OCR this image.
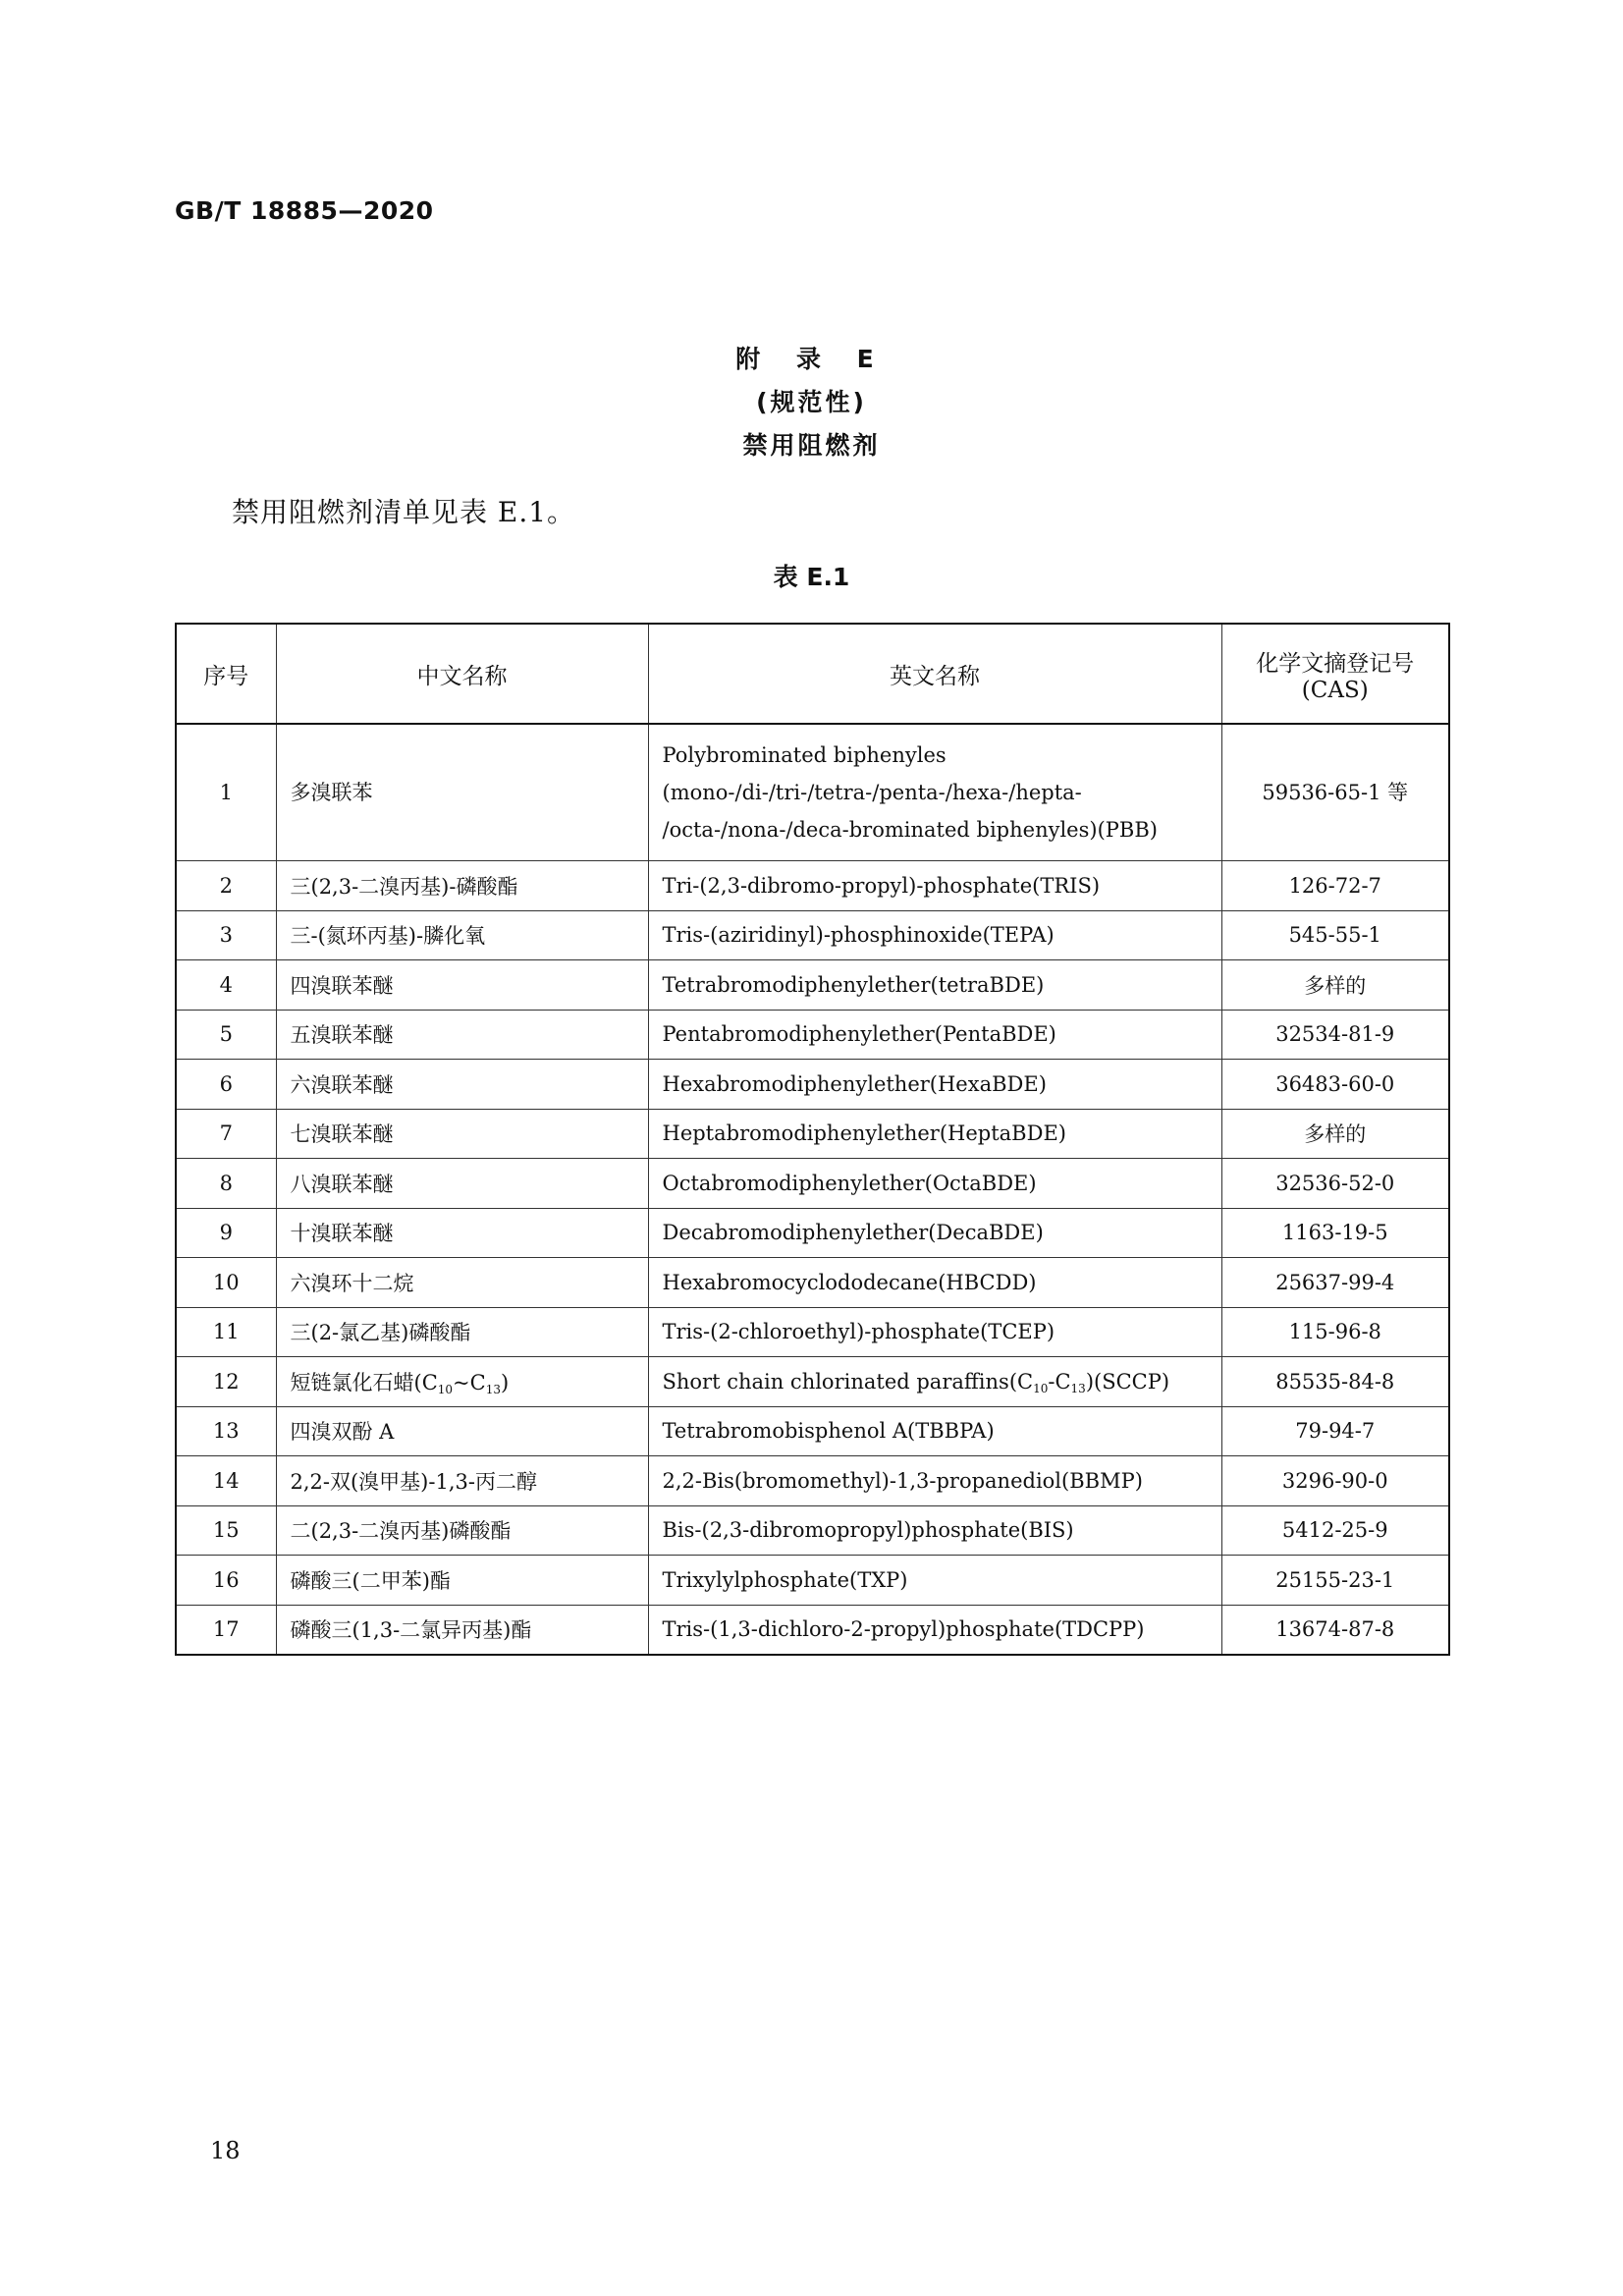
GB/T 18885—2020
附 录 E
(规范性)
禁用阻燃剂
禁用阻燃剂清单见表 E.1。
表 E.1
序号	中文名称	英文名称	化学文摘登记号
(CAS)

1	多溴联苯	Polybrominated biphenyles
(mono-/di-/tri-/tetra-/penta-/hexa-/hepta-
/octa-/nona-/deca-brominated biphenyles)(PBB)	59536-65-1 等
2	三(2,3-二溴丙基)-磷酸酯	Tri-(2,3-dibromo-propyl)-phosphate(TRIS)	126-72-7
3	三-(氮环丙基)-膦化氧	Tris-(aziridinyl)-phosphinoxide(TEPA)	545-55-1
4	四溴联苯醚	Tetrabromodiphenylether(tetraBDE)	多样的
5	五溴联苯醚	Pentabromodiphenylether(PentaBDE)	32534-81-9
6	六溴联苯醚	Hexabromodiphenylether(HexaBDE)	36483-60-0
7	七溴联苯醚	Heptabromodiphenylether(HeptaBDE)	多样的
8	八溴联苯醚	Octabromodiphenylether(OctaBDE)	32536-52-0
9	十溴联苯醚	Decabromodiphenylether(DecaBDE)	1163-19-5
10	六溴环十二烷	Hexabromocyclododecane(HBCDD)	25637-99-4
11	三(2-氯乙基)磷酸酯	Tris-(2-chloroethyl)-phosphate(TCEP)	115-96-8
12	短链氯化石蜡(C10~C13)	Short chain chlorinated paraffins(C10-C13)(SCCP)	85535-84-8
13	四溴双酚 A	Tetrabromobisphenol A(TBBPA)	79-94-7
14	2,2-双(溴甲基)-1,3-丙二醇	2,2-Bis(bromomethyl)-1,3-propanediol(BBMP)	3296-90-0
15	二(2,3-二溴丙基)磷酸酯	Bis-(2,3-dibromopropyl)phosphate(BIS)	5412-25-9
16	磷酸三(二甲苯)酯	Trixylylphosphate(TXP)	25155-23-1
17	磷酸三(1,3-二氯异丙基)酯	Tris-(1,3-dichloro-2-propyl)phosphate(TDCPP)	13674-87-8
18
